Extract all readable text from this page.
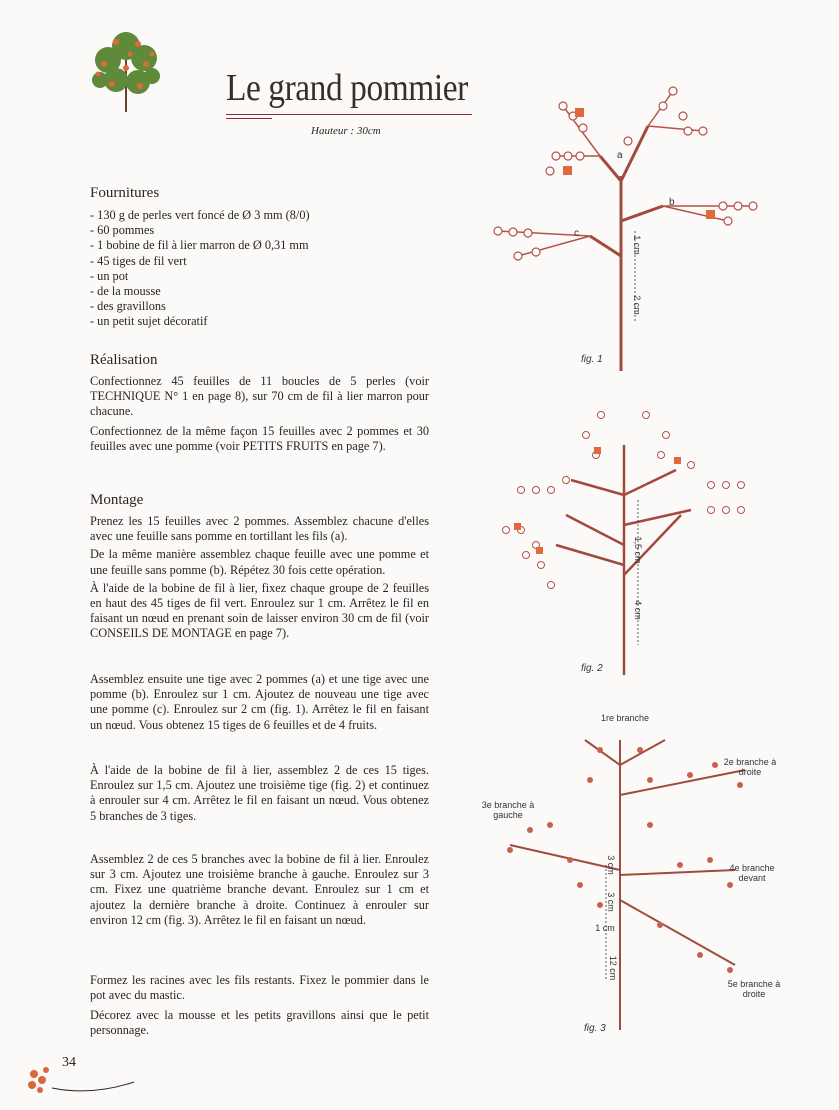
Le grand pommier
Hauteur : 30cm
Fournitures
- 130 g de perles vert foncé de Ø 3 mm (8/0)
- 60 pommes
- 1 bobine de fil à lier marron de Ø 0,31 mm
- 45 tiges de fil vert
- un pot
- de la mousse
- des gravillons
- un petit sujet décoratif
Réalisation

Confectionnez 45 feuilles de 11 boucles de 5 perles (voir TECHNIQUE N° 1 en page 8), sur 70 cm de fil à lier marron pour chacune.

Confectionnez de la même façon 15 feuilles avec 2 pommes et 30 feuilles avec une pomme (voir PETITS FRUITS en page 7).

Montage

Prenez les 15 feuilles avec 2 pommes. Assemblez chacune d'elles avec une feuille sans pomme en tortillant les fils (a).

De la même manière assemblez chaque feuille avec une pomme et une feuille sans pomme (b). Répétez 30 fois cette opération.

À l'aide de la bobine de fil à lier, fixez chaque groupe de 2 feuilles en haut des 45 tiges de fil vert. Enroulez sur 1 cm. Arrêtez le fil en faisant un nœud en prenant soin de laisser environ 30 cm de fil (voir CONSEILS DE MONTAGE en page 7).

Assemblez ensuite une tige avec 2 pommes (a) et une tige avec une pomme (b). Enroulez sur 1 cm. Ajoutez de nouveau une tige avec une pomme (c). Enroulez sur 2 cm (fig. 1). Arrêtez le fil en faisant un nœud. Vous obtenez 15 tiges de 6 feuilles et de 4 fruits.
À l'aide de la bobine de fil à lier, assemblez 2 de ces 15 tiges. Enroulez sur 1,5 cm. Ajoutez une troisième tige (fig. 2) et continuez à enrouler sur 4 cm. Arrêtez le fil en faisant un nœud. Vous obtenez 5 branches de 3 tiges.
Assemblez 2 de ces 5 branches avec la bobine de fil à lier. Enroulez sur 3 cm. Ajoutez une troisième branche à gauche. Enroulez sur 3 cm. Fixez une quatrième branche devant. Enroulez sur 1 cm et ajoutez la dernière branche à droite. Continuez à enrouler sur environ 12 cm (fig. 3). Arrêtez le fil en faisant un nœud.
Formez les racines avec les fils restants. Fixez le pommier dans le pot avec du mastic.
Décorez avec la mousse et les petits gravillons ainsi que le petit personnage.
a
b
c
1 cm
2 cm
fig. 1
1,5 cm
4 cm
fig. 2
1re branche
2e branche à droite
3e branche à gauche
4e branche devant
5e branche à droite
3 cm
3 cm
1 cm
12 cm
fig. 3
34
